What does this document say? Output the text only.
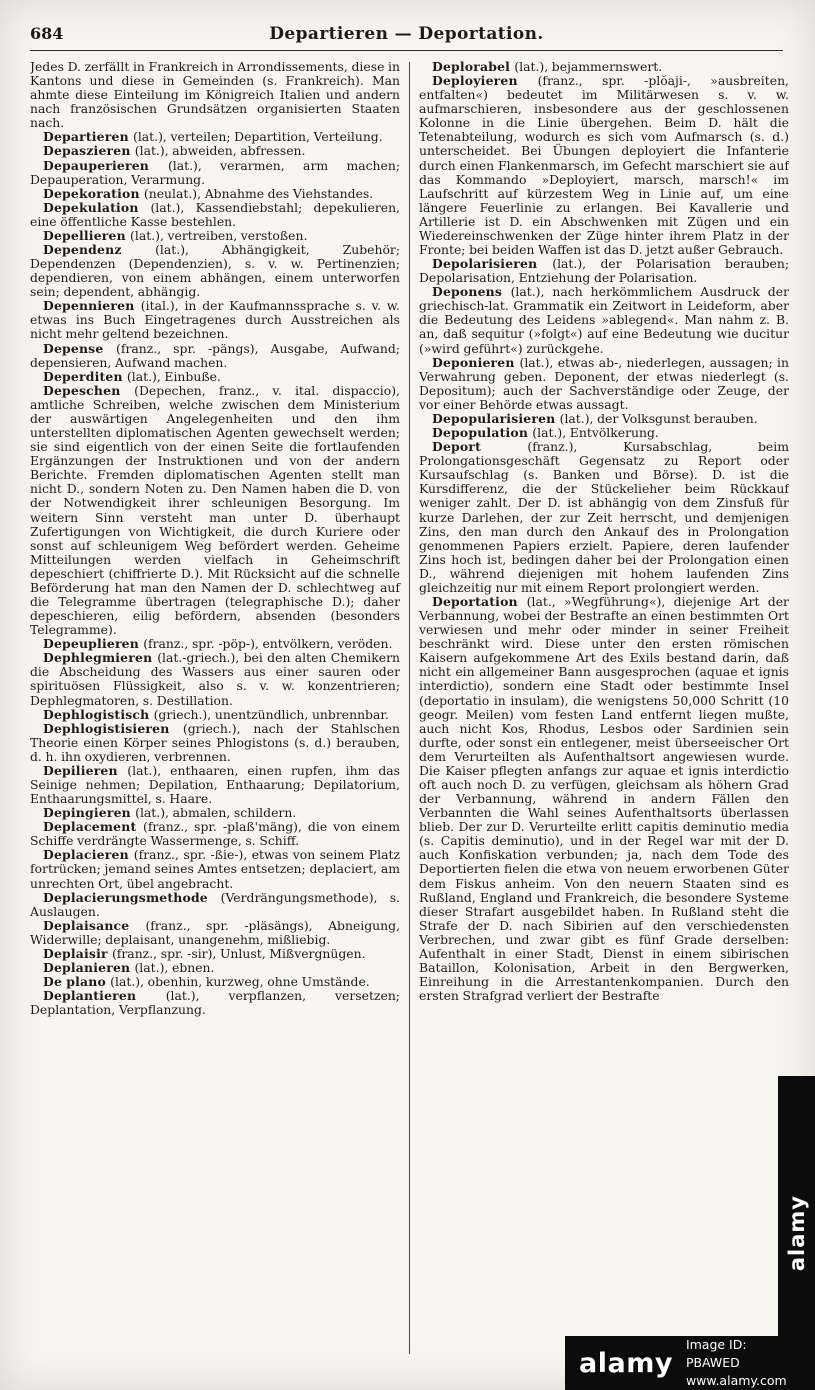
684	Departieren — Deportation.

Jedes D. zerfällt in Frankreich in Arrondissements, diese in Kantons und diese in Gemeinden (s. Frankreich). Man ahmte diese Einteilung im Königreich Italien und andern nach französischen Grundsätzen organisierten Staaten nach.

Departieren (lat.), verteilen; Departition, Verteilung.

Depaszieren (lat.), abweiden, abfressen.

Depauperieren (lat.), verarmen, arm machen; Depauperation, Verarmung.

Depekoration (neulat.), Abnahme des Viehstandes.

Depekulation (lat.), Kassendiebstahl; depekulieren, eine öffentliche Kasse bestehlen.

Depellieren (lat.), vertreiben, verstoßen.

Dependenz (lat.), Abhängigkeit, Zubehör; Dependenzen (Dependenzien), s. v. w. Pertinenzien; dependieren, von einem abhängen, einem unterworfen sein; dependent, abhängig.

Depennieren (ital.), in der Kaufmannssprache s. v. w. etwas ins Buch Eingetragenes durch Ausstreichen als nicht mehr geltend bezeichnen.

Depense (franz., spr. -pängs), Ausgabe, Aufwand; depensieren, Aufwand machen.

Deperditen (lat.), Einbuße.

Depeschen (Depechen, franz., v. ital. dispaccio), amtliche Schreiben, welche zwischen dem Ministerium der auswärtigen Angelegenheiten und den ihm unterstellten diplomatischen Agenten gewechselt werden; sie sind eigentlich von der einen Seite die fortlaufenden Ergänzungen der Instruktionen und von der andern Berichte. Fremden diplomatischen Agenten stellt man nicht D., sondern Noten zu. Den Namen haben die D. von der Notwendigkeit ihrer schleunigen Besorgung. Im weitern Sinn versteht man unter D. überhaupt Zufertigungen von Wichtigkeit, die durch Kuriere oder sonst auf schleunigem Weg befördert werden. Geheime Mitteilungen werden vielfach in Geheimschrift depeschiert (chiffrierte D.). Mit Rücksicht auf die schnelle Beförderung hat man den Namen der D. schlechtweg auf die Telegramme übertragen (telegraphische D.); daher depeschieren, eilig befördern, absenden (besonders Telegramme).

Depeuplieren (franz., spr. -pöp-), entvölkern, veröden.

Dephlegmieren (lat.-griech.), bei den alten Chemikern die Abscheidung des Wassers aus einer sauren oder spirituösen Flüssigkeit, also s. v. w. konzentrieren; Dephlegmatoren, s. Destillation.

Dephlogistisch (griech.), unentzündlich, unbrennbar.

Dephlogistisieren (griech.), nach der Stahlschen Theorie einen Körper seines Phlogistons (s. d.) berauben, d. h. ihn oxydieren, verbrennen.

Depilieren (lat.), enthaaren, einen rupfen, ihm das Seinige nehmen; Depilation, Enthaarung; Depilatorium, Enthaarungsmittel, s. Haare.

Depingieren (lat.), abmalen, schildern.

Deplacement (franz., spr. -plaß'mäng), die von einem Schiffe verdrängte Wassermenge, s. Schiff.

Deplacieren (franz., spr. -ßie-), etwas von seinem Platz fortrücken; jemand seines Amtes entsetzen; deplaciert, am unrechten Ort, übel angebracht.

Deplacierungsmethode (Verdrängungsmethode), s. Auslaugen.

Deplaisance (franz., spr. -pläsängs), Abneigung, Widerwille; deplaisant, unangenehm, mißliebig.

Deplaisir (franz., spr. -sir), Unlust, Mißvergnügen.

Deplanieren (lat.), ebnen.

De plano (lat.), obenhin, kurzweg, ohne Umstände.

Deplantieren (lat.), verpflanzen, versetzen; Deplantation, Verpflanzung.

Deplorabel (lat.), bejammernswert.

Deployieren (franz., spr. -plŏaji-, »ausbreiten, entfalten«) bedeutet im Militärwesen s. v. w. aufmarschieren, insbesondere aus der geschlossenen Kolonne in die Linie übergehen. Beim D. hält die Tetenabteilung, wodurch es sich vom Aufmarsch (s. d.) unterscheidet. Bei Übungen deployiert die Infanterie durch einen Flankenmarsch, im Gefecht marschiert sie auf das Kommando »Deployiert, marsch, marsch!« im Laufschritt auf kürzestem Weg in Linie auf, um eine längere Feuerlinie zu erlangen. Bei Kavallerie und Artillerie ist D. ein Abschwenken mit Zügen und ein Wiedereinschwenken der Züge hinter ihrem Platz in der Fronte; bei beiden Waffen ist das D. jetzt außer Gebrauch.

Depolarisieren (lat.), der Polarisation berauben; Depolarisation, Entziehung der Polarisation.

Deponens (lat.), nach herkömmlichem Ausdruck der griechisch-lat. Grammatik ein Zeitwort in Leideform, aber die Bedeutung des Leidens »ablegend«. Man nahm z. B. an, daß sequitur (»folgt«) auf eine Bedeutung wie ducitur (»wird geführt«) zurückgehe.

Deponieren (lat.), etwas ab-, niederlegen, aussagen; in Verwahrung geben. Deponent, der etwas niederlegt (s. Depositum); auch der Sachverständige oder Zeuge, der vor einer Behörde etwas aussagt.

Depopularisieren (lat.), der Volksgunst berauben.

Depopulation (lat.), Entvölkerung.

Deport (franz.), Kursabschlag, beim Prolongationsgeschäft Gegensatz zu Report oder Kursaufschlag (s. Banken und Börse). D. ist die Kursdifferenz, die der Stückelieher beim Rückkauf weniger zahlt. Der D. ist abhängig von dem Zinsfuß für kurze Darlehen, der zur Zeit herrscht, und demjenigen Zins, den man durch den Ankauf des in Prolongation genommenen Papiers erzielt. Papiere, deren laufender Zins hoch ist, bedingen daher bei der Prolongation einen D., während diejenigen mit hohem laufenden Zins gleichzeitig nur mit einem Report prolongiert werden.

Deportation (lat., »Wegführung«), diejenige Art der Verbannung, wobei der Bestrafte an einen bestimmten Ort verwiesen und mehr oder minder in seiner Freiheit beschränkt wird. Diese unter den ersten römischen Kaisern aufgekommene Art des Exils bestand darin, daß nicht ein allgemeiner Bann ausgesprochen (aquae et ignis interdictio), sondern eine Stadt oder bestimmte Insel (deportatio in insulam), die wenigstens 50,000 Schritt (10 geogr. Meilen) vom festen Land entfernt liegen mußte, auch nicht Kos, Rhodus, Lesbos oder Sardinien sein durfte, oder sonst ein entlegener, meist überseeischer Ort dem Verurteilten als Aufenthaltsort angewiesen wurde. Die Kaiser pflegten anfangs zur aquae et ignis interdictio oft auch noch D. zu verfügen, gleichsam als höhern Grad der Verbannung, während in andern Fällen den Verbannten die Wahl seines Aufenthaltsorts überlassen blieb. Der zur D. Verurteilte erlitt capitis deminutio media (s. Capitis deminutio), und in der Regel war mit der D. auch Konfiskation verbunden; ja, nach dem Tode des Deportierten fielen die etwa von neuem erworbenen Güter dem Fiskus anheim. Von den neuern Staaten sind es Rußland, England und Frankreich, die besondere Systeme dieser Strafart ausgebildet haben. In Rußland steht die Strafe der D. nach Sibirien auf den verschiedensten Verbrechen, und zwar gibt es fünf Grade derselben: Aufenthalt in einer Stadt, Dienst in einem sibirischen Bataillon, Kolonisation, Arbeit in den Bergwerken, Einreihung in die Arrestantenkompanien. Durch den ersten Strafgrad verliert der Bestrafte

alamy
alamy
Image ID: PBAWED
www.alamy.com
